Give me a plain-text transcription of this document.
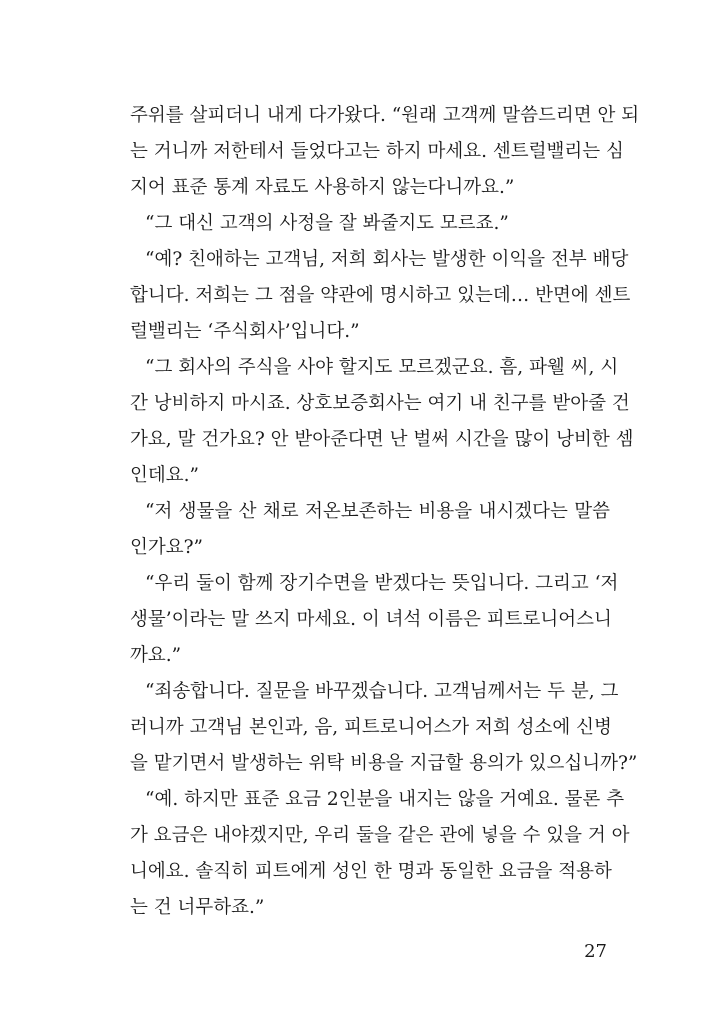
주위를 살피더니 내게 다가왔다. “원래 고객께 말씀드리면 안 되
는 거니까 저한테서 들었다고는 하지 마세요. 센트럴밸리는 심
지어 표준 통계 자료도 사용하지 않는다니까요.”
“그 대신 고객의 사정을 잘 봐줄지도 모르죠.”
“예? 친애하는 고객님, 저희 회사는 발생한 이익을 전부 배당
합니다. 저희는 그 점을 약관에 명시하고 있는데… 반면에 센트
럴밸리는 ‘주식회사’입니다.”
“그 회사의 주식을 사야 할지도 모르겠군요. 흠, 파웰 씨, 시
간 낭비하지 마시죠. 상호보증회사는 여기 내 친구를 받아줄 건
가요, 말 건가요? 안 받아준다면 난 벌써 시간을 많이 낭비한 셈
인데요.”
“저 생물을 산 채로 저온보존하는 비용을 내시겠다는 말씀
인가요?”
“우리 둘이 함께 장기수면을 받겠다는 뜻입니다. 그리고 ‘저
생물’이라는 말 쓰지 마세요. 이 녀석 이름은 피트로니어스니
까요.”
“죄송합니다. 질문을 바꾸겠습니다. 고객님께서는 두 분, 그
러니까 고객님 본인과, 음, 피트로니어스가 저희 성소에 신병
을 맡기면서 발생하는 위탁 비용을 지급할 용의가 있으십니까?”
“예. 하지만 표준 요금 2인분을 내지는 않을 거예요. 물론 추
가 요금은 내야겠지만, 우리 둘을 같은 관에 넣을 수 있을 거 아
니에요. 솔직히 피트에게 성인 한 명과 동일한 요금을 적용하
는 건 너무하죠.”
27
